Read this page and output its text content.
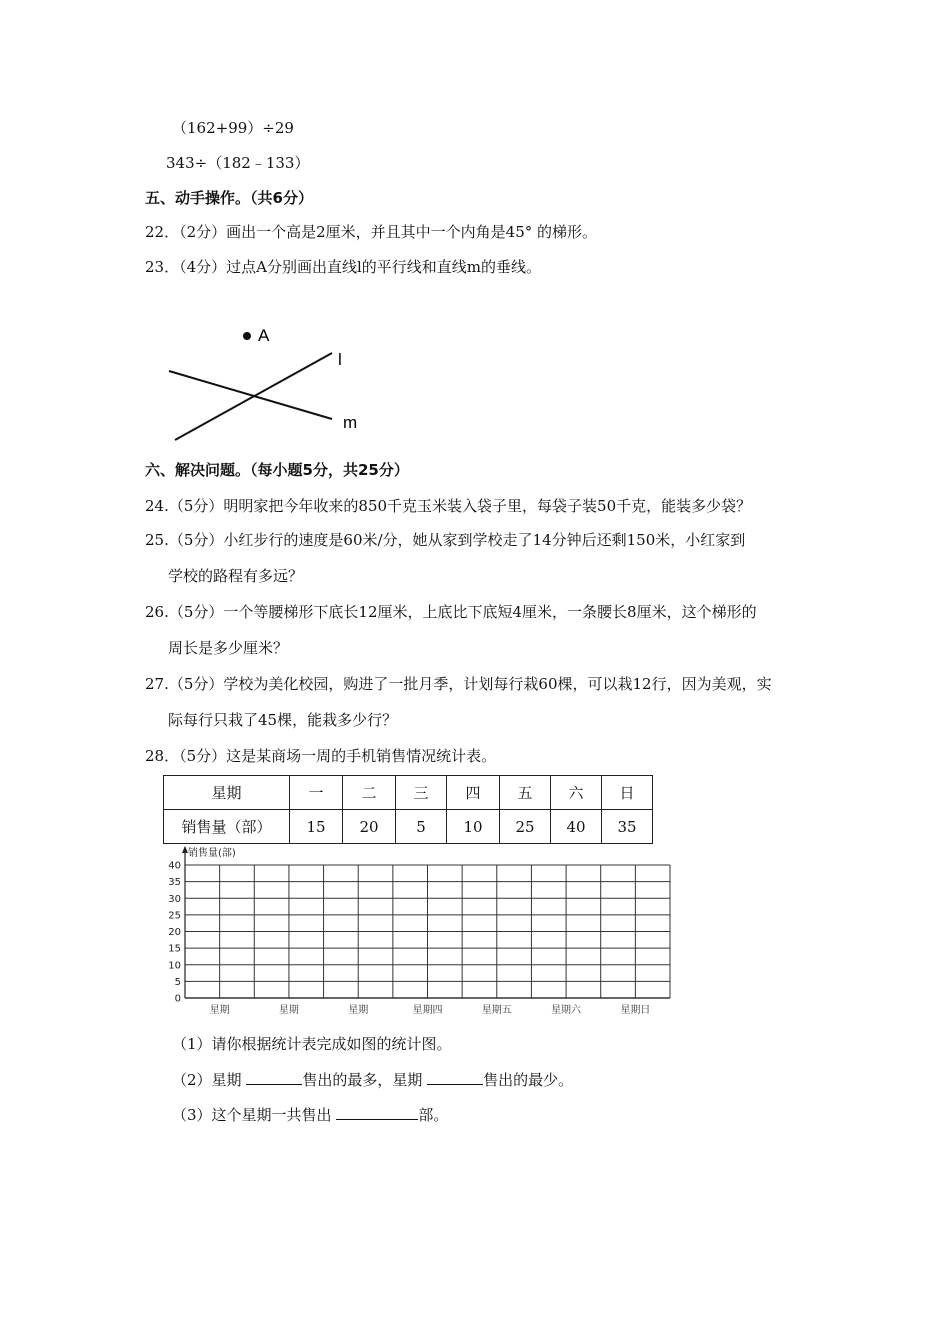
（162+99）÷29
343÷（182﹣133）
五、动手操作。（共6分）
22．（2分）画出一个高是2厘米，并且其中一个内角是45° 的梯形。
23．（4分）过点A分别画出直线l的平行线和直线m的垂线。
A
l
m
六、解决问题。（每小题5分，共25分）
24.（5分）明明家把今年收来的850千克玉米装入袋子里，每袋子装50千克，能装多少袋？
25.（5分）小红步行的速度是60米/分，她从家到学校走了14分钟后还剩150米，小红家到
学校的路程有多远？
26.（5分）一个等腰梯形下底长12厘米，上底比下底短4厘米，一条腰长8厘米，这个梯形的
周长是多少厘米？
27.（5分）学校为美化校园，购进了一批月季，计划每行栽60棵，可以栽12行，因为美观，实
际每行只栽了45棵，能栽多少行？
28．（5分）这是某商场一周的手机销售情况统计表。
星期	一	二	三	四	五	六	日
销售量（部）	15	20	5	10	25	40	35
销售量(部)
0
5
10
15
20
25
30
35
40
星期	星期	星期	星期四	星期五	星期六	星期日
（1）请你根据统计表完成如图的统计图。
（2）星期	售出的最多，星期	售出的最少。
（3）这个星期一共售出	部。
